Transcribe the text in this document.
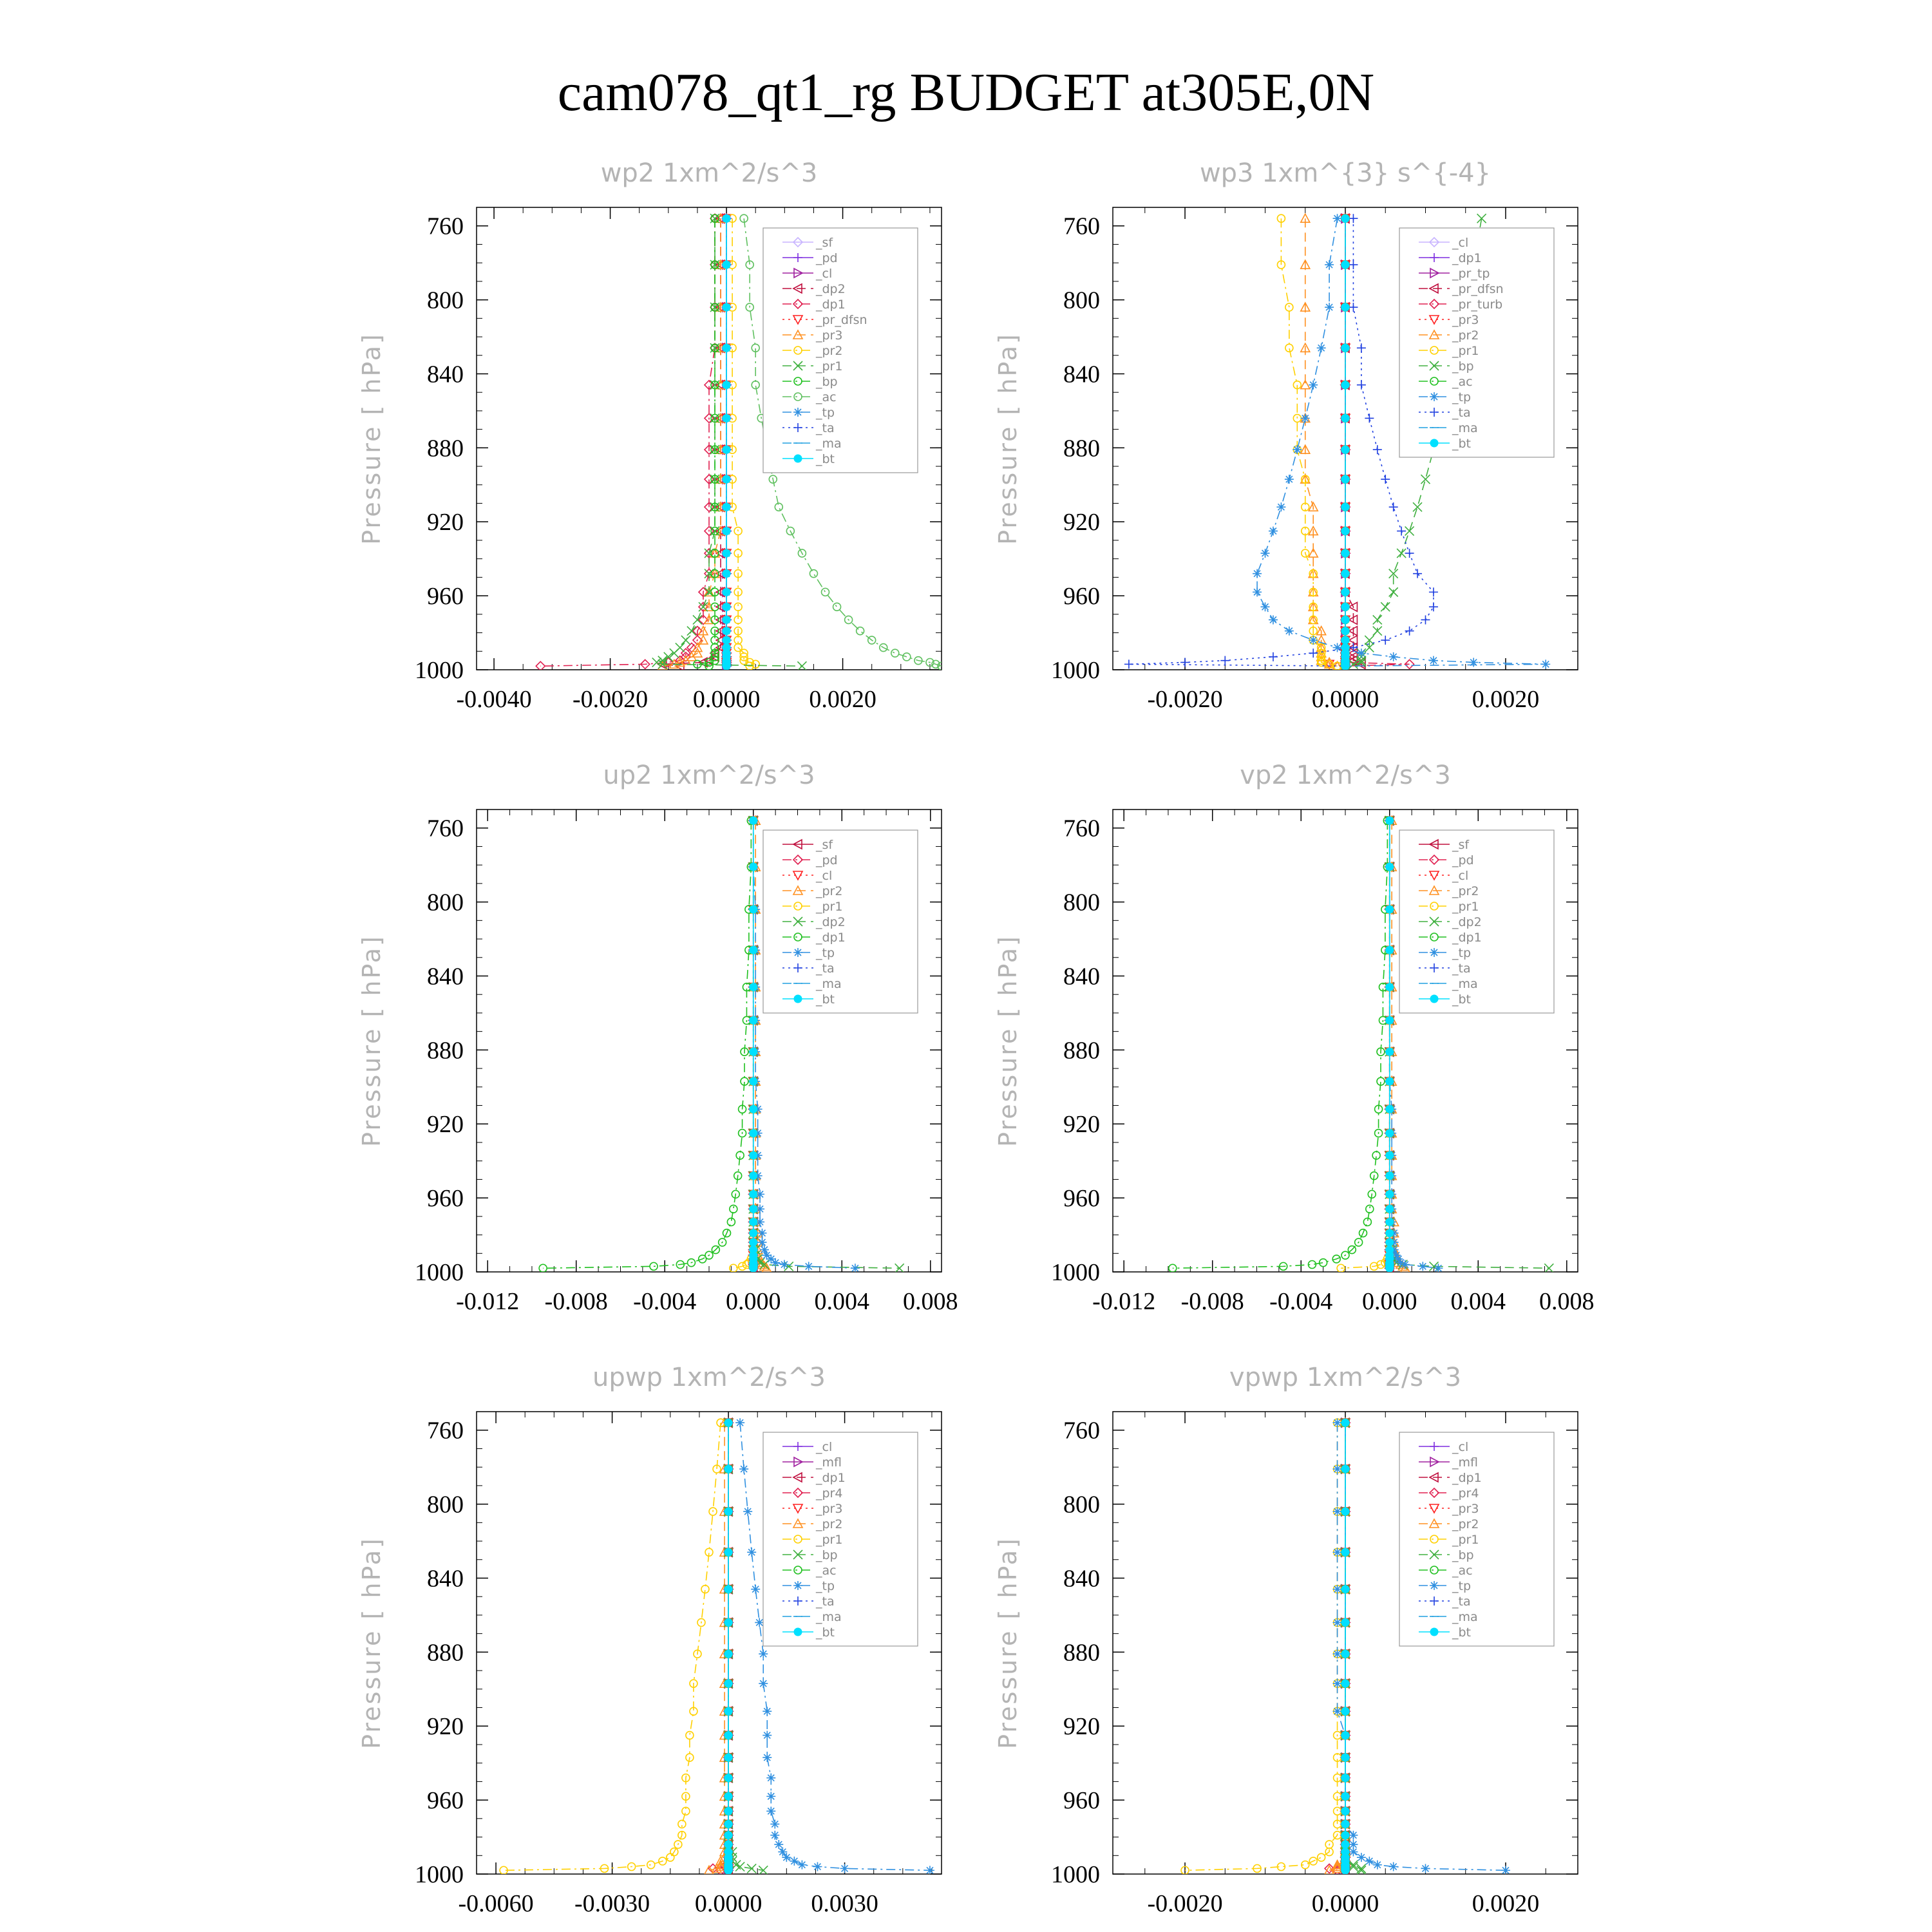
cam078_qt1_rg BUDGET at305E,0N
wp2 1xm^2/s^3
Pressure [ hPa]
760
800
840
880
920
960
1000
-0.0040 -0.0020 0.0000 0.0020
_sf
_pd
_cl
_dp2
_dp1
_pr_dfsn
_pr3
_pr2
_pr1
_bp
_ac
_tp
_ta
_ma
_bt
wp3 1xm^{3} s^{-4}
Pressure [ hPa]
760
800
840
880
920
960
1000
-0.0020	0.0000	0.0020
_cl
_dp1
_pr_tp
_pr_dfsn
_pr_turb
_pr3
_pr2
_pr1
_bp
_ac
_tp
_ta
_ma
_bt
up2 1xm^2/s^3
Pressure [ hPa]
760
800
840
880
920
960
1000
-0.012 -0.008 -0.004 0.000 0.004 0.008
_sf
_pd
_cl
_pr2
_pr1
_dp2
_dp1
_tp
_ta
_ma
_bt
vp2 1xm^2/s^3
Pressure [ hPa]
760
800
840
880
920
960
1000
-0.012 -0.008 -0.004 0.000 0.004 0.008
_sf
_pd
_cl
_pr2
_pr1
_dp2
_dp1
_tp
_ta
_ma
_bt
upwp 1xm^2/s^3
Pressure [ hPa]
760
800
840
880
920
960
1000
-0.0060 -0.0030 0.0000 0.0030
_cl
_mfl
_dp1
_pr4
_pr3
_pr2
_pr1
_bp
_ac
_tp
_ta
_ma
_bt
vpwp 1xm^2/s^3
Pressure [ hPa]
760
800
840
880
920
960
1000
-0.0020	0.0000	0.0020
_cl
_mfl
_dp1
_pr4
_pr3
_pr2
_pr1
_bp
_ac
_tp
_ta
_ma
_bt
